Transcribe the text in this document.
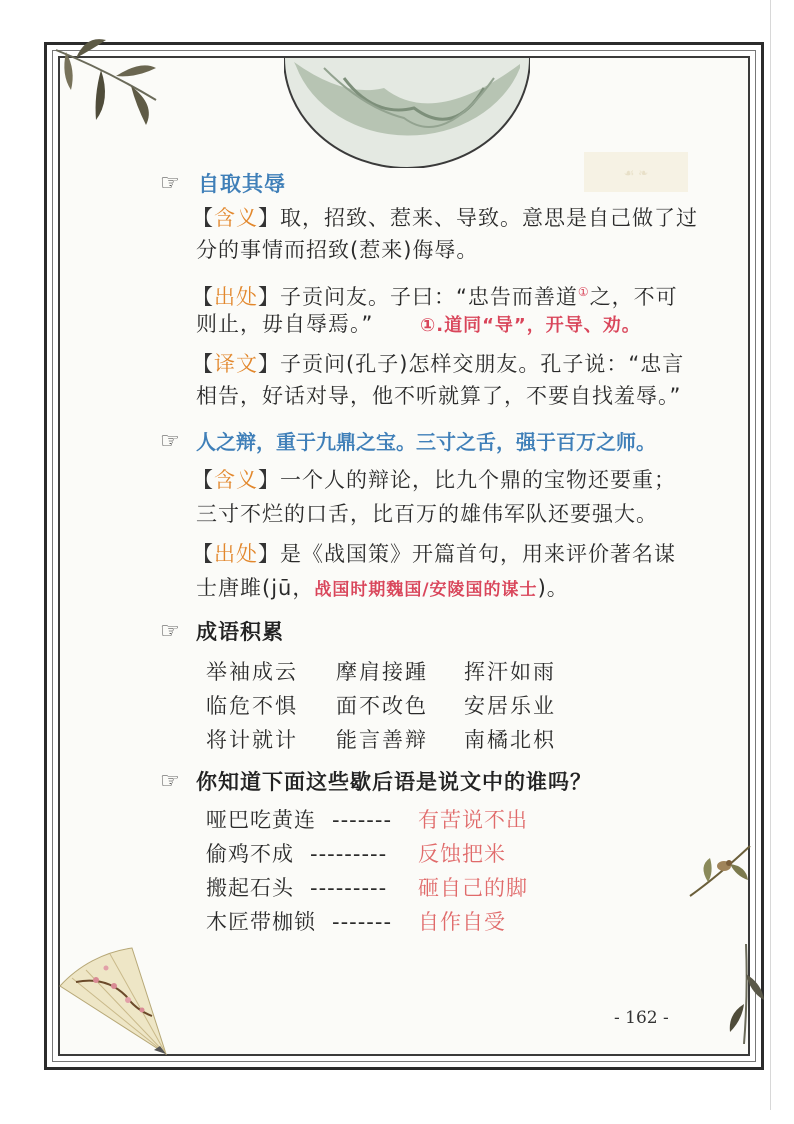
☙ ❧
☞ 自取其辱
【含义】取，招致、惹来、导致。意思是自己做了过
分的事情而招致(惹来)侮辱。
【出处】子贡问友。子曰：“忠告而善道①之，不可
则止，毋自辱焉。”	①.道同“导”，开导、劝。
【译文】子贡问(孔子)怎样交朋友。孔子说：“忠言
相告，好话对导，他不听就算了，不要自找羞辱。”
☞ 人之辩，重于九鼎之宝。三寸之舌，强于百万之师。
【含义】一个人的辩论，比九个鼎的宝物还要重；
三寸不烂的口舌，比百万的雄伟军队还要强大。
【出处】是《战国策》开篇首句，用来评价著名谋
士唐雎(jū，战国时期魏国/安陵国的谋士)。
☞ 成语积累
举袖成云 摩肩接踵 挥汗如雨
临危不惧 面不改色 安居乐业
将计就计 能言善辩 南橘北枳
☞ 你知道下面这些歇后语是说文中的谁吗？
哑巴吃黄连 ------- 有苦说不出
偷鸡不成 --------- 反蚀把米
搬起石头 --------- 砸自己的脚
木匠带枷锁 ------- 自作自受
- 162 -
